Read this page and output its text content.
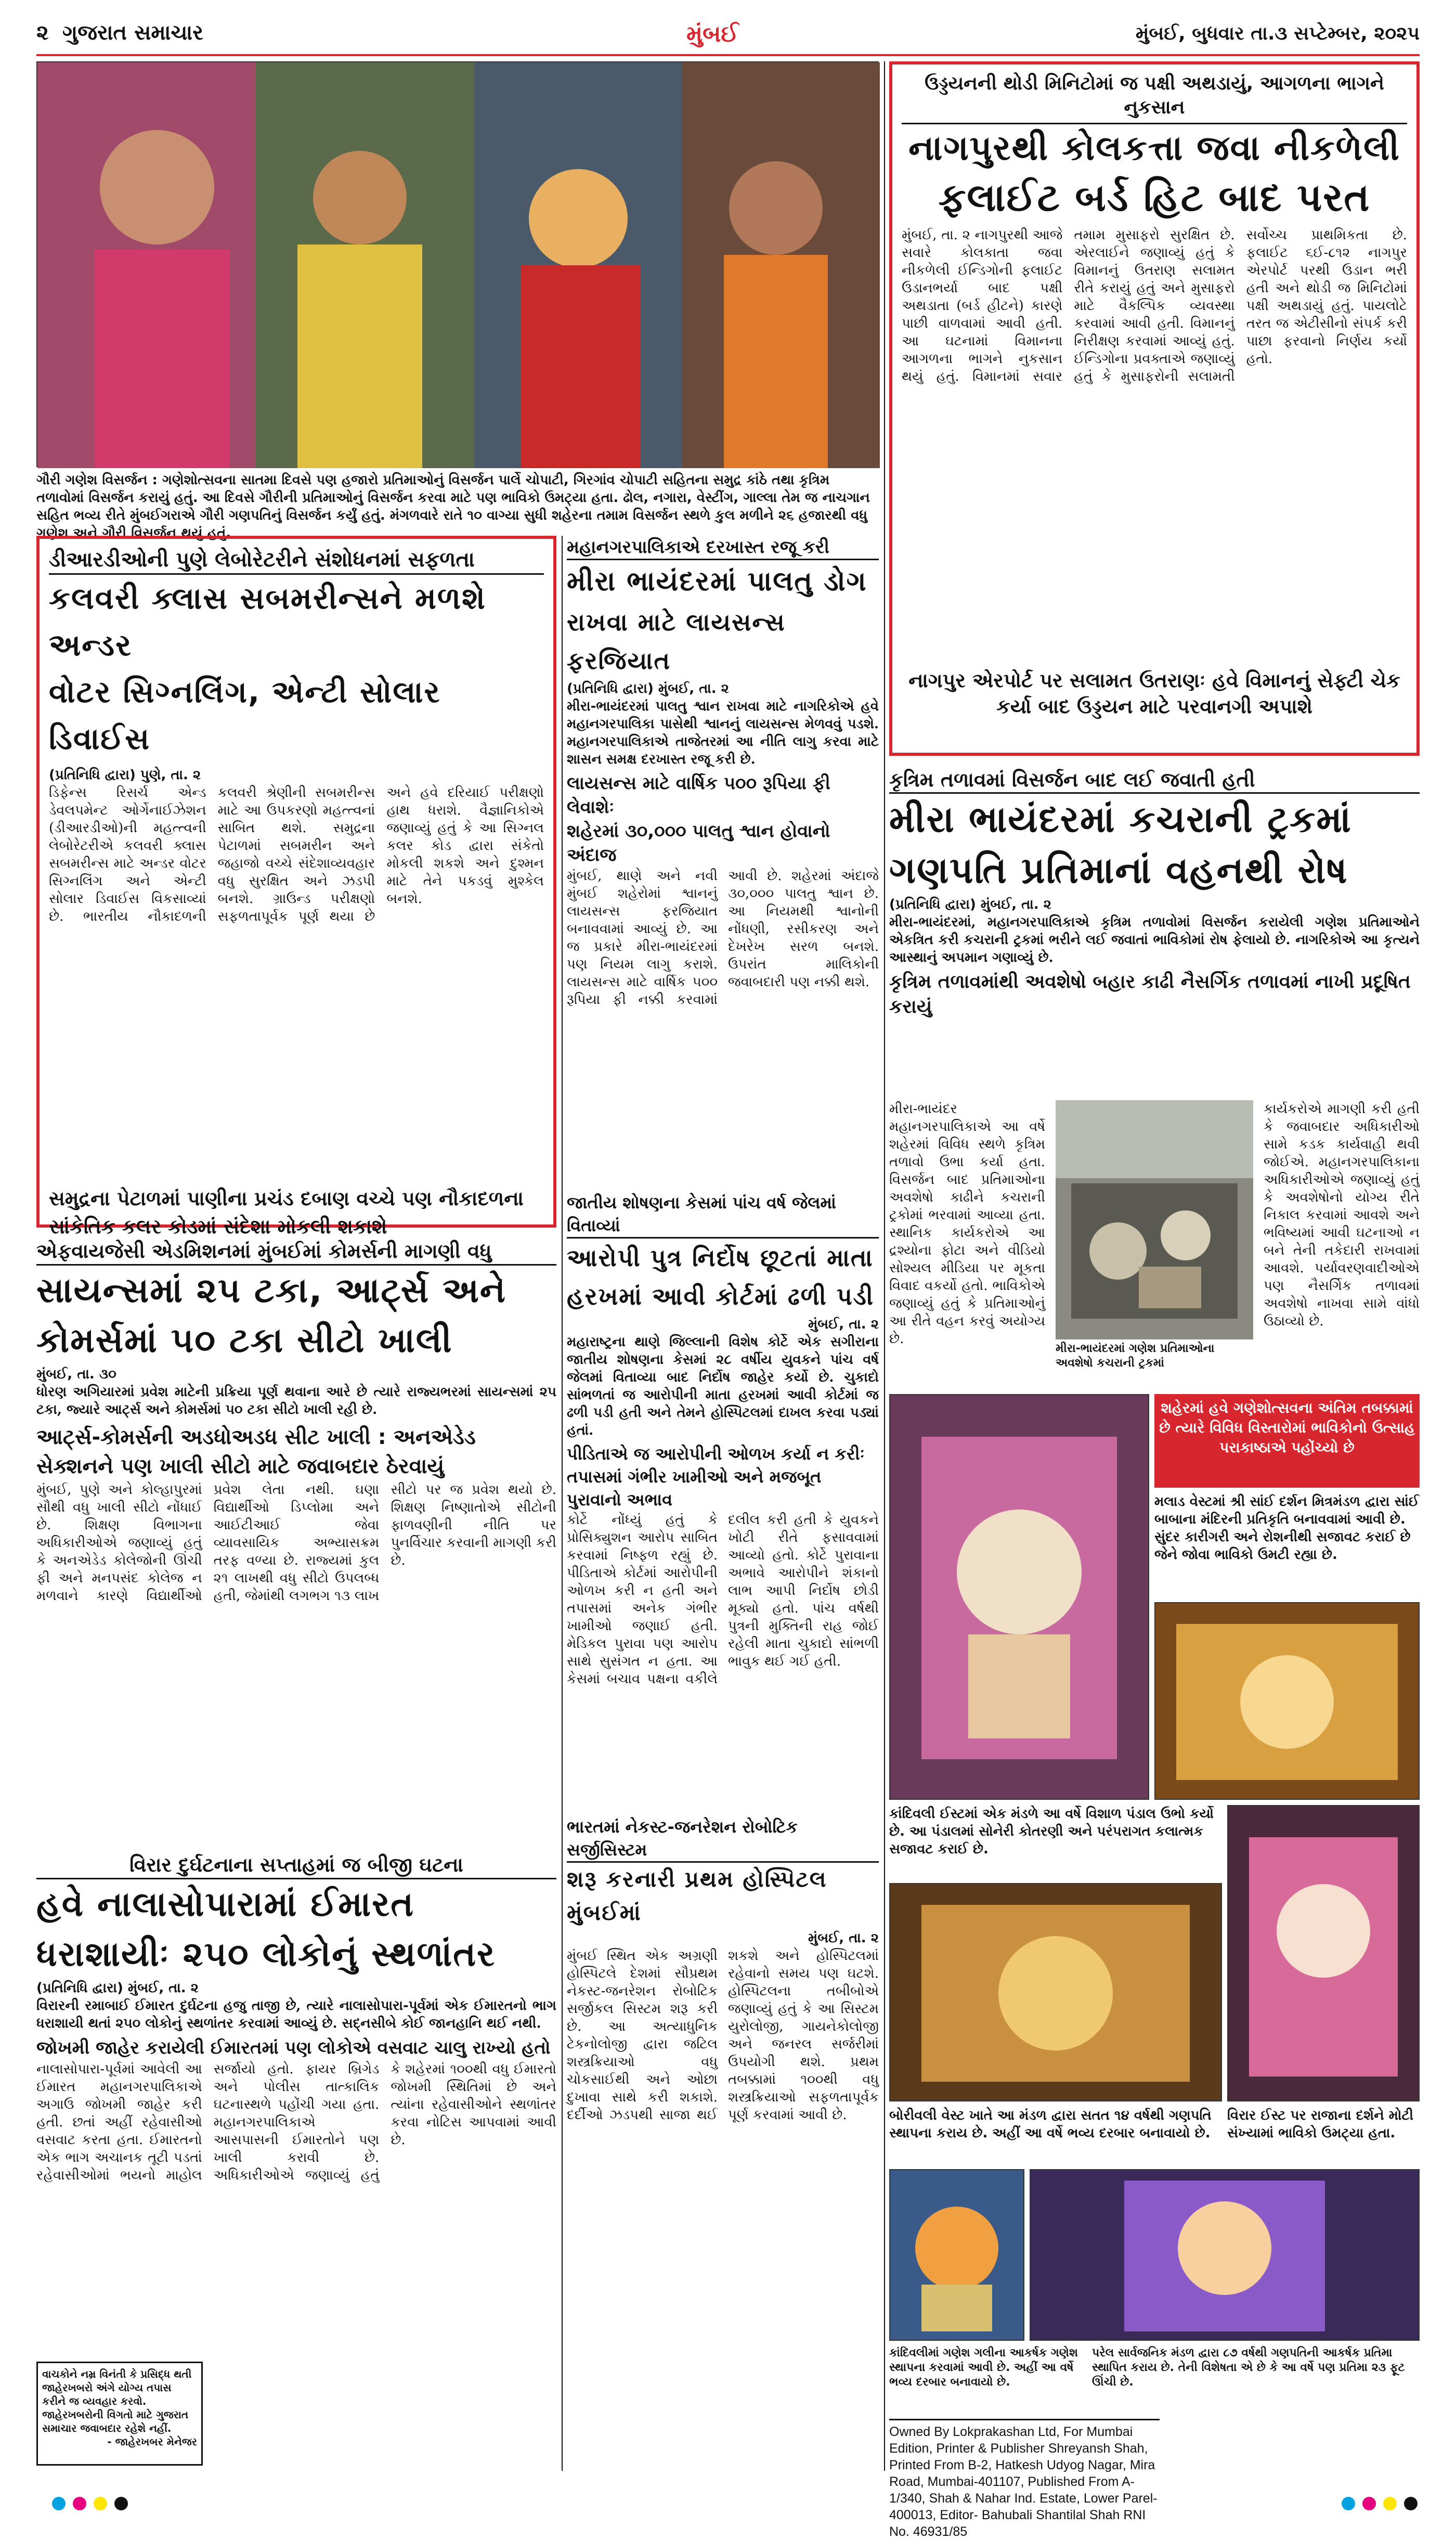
૨ ગુજરાત સમાચાર	મુંબઈ	મુંબઈ, બુધવાર તા.૩ સપ્ટેમ્બર, ૨૦૨૫
ગૌરી ગણેશ વિસર્જન : ગણેશોત્સવના સાતમા દિવસે પણ હજારો પ્રતિમાઓનું વિસર્જન પાર્લે ચોપાટી, ગિરગાંવ ચોપાટી સહિતના સમુદ્ર કાંઠે તથા કૃત્રિમ તળાવોમાં વિસર્જન કરાયું હતું. આ દિવસે ગૌરીની પ્રતિમાઓનું વિસર્જન કરવા માટે પણ ભાવિકો ઉમટ્યા હતા. ઢોલ, નગારા, વેસ્ટીંગ, ગાલ્લા તેમ જ નાચગાન સહિત ભવ્ય રીતે મુંબઈગરાએ ગૌરી ગણપતિનું વિસર્જન કર્યું હતું. મંગળવારે રાતે ૧૦ વાગ્યા સુધી શહેરના તમામ વિસર્જન સ્થળે કુલ મળીને ૨૬ હજારથી વધુ ગણેશ અને ગૌરી વિસર્જન થયું હતું.
ઉડ્ડયનની થોડી મિનિટોમાં જ પક્ષી અથડાયું, આગળના ભાગને નુકસાન
નાગપુરથી કોલકત્તા જવા નીકળેલી
ફલાઈટ બર્ડ હિટ બાદ પરત
મુંબઈ, તા. ૨ નાગપુરથી આજે સવારે કોલકાતા જવા નીકળેલી ઈન્ડિગોની ફલાઈટ ઉડાનભર્યા બાદ પક્ષી અથડાતા (બર્ડ હીટને) કારણે પાછી વાળવામાં આવી હતી. આ ઘટનામાં વિમાનના આગળના ભાગને નુકસાન થયું હતું. વિમાનમાં સવાર તમામ મુસાફરો સુરક્ષિત છે. એરલાઈને જણાવ્યું હતું કે વિમાનનું ઉતરાણ સલામત રીતે કરાયું હતું અને મુસાફરો માટે વૈકલ્પિક વ્યવસ્થા કરવામાં આવી હતી. વિમાનનું નિરીક્ષણ કરવામાં આવ્યું હતું. ઈન્ડિગોના પ્રવક્તાએ જણાવ્યું હતું કે મુસાફરોની સલામતી સર્વોચ્ચ પ્રાથમિકતા છે. ફલાઈટ ૬ઈ-૮૧૨ નાગપુર એરપોર્ટ પરથી ઉડાન ભરી હતી અને થોડી જ મિનિટોમાં પક્ષી અથડાયું હતું. પાયલોટે તરત જ એટીસીનો સંપર્ક કરી પાછા ફરવાનો નિર્ણય કર્યો હતો.
નાગપુર એરપોર્ટ પર સલામત ઉતરાણઃ હવે વિમાનનું સેફ્ટી ચેક કર્યા બાદ ઉડ્ડયન માટે પરવાનગી અપાશે
ડીઆરડીઓની પુણે લેબોરેટરીને સંશોધનમાં સફળતા
કલવરી ક્લાસ સબમરીન્સને મળશે અન્ડર
વોટર સિગ્નલિંગ, એન્ટી સોલાર ડિવાઈસ
(પ્રતિનિધિ દ્વારા) પુણે, તા. ૨
ડિફેન્સ રિસર્ચ એન્ડ ડેવલપમેન્ટ ઓર્ગેનાઈઝેશન (ડીઆરડીઓ)ની મહત્ત્વની લેબોરેટરીએ કલવરી ક્લાસ સબમરીન્સ માટે અન્ડર વોટર સિગ્નલિંગ અને એન્ટી સોલાર ડિવાઈસ વિકસાવ્યાં છે. ભારતીય નૌકાદળની કલવરી શ્રેણીની સબમરીન્સ માટે આ ઉપકરણો મહત્ત્વનાં સાબિત થશે. સમુદ્રના પેટાળમાં સબમરીન અને જહાજો વચ્ચે સંદેશાવ્યવહાર વધુ સુરક્ષિત અને ઝડપી બનશે. ગ્રાઉન્ડ પરીક્ષણો સફળતાપૂર્વક પૂર્ણ થયા છે અને હવે દરિયાઈ પરીક્ષણો હાથ ધરાશે. વૈજ્ઞાનિકોએ જણાવ્યું હતું કે આ સિગ્નલ કલર કોડ દ્વારા સંકેતો મોકલી શકશે અને દુશ્મન માટે તેને પકડવું મુશ્કેલ બનશે.
સમુદ્રના પેટાળમાં પાણીના પ્રચંડ દબાણ વચ્ચે પણ નૌકાદળના સાંકેતિક કલર કોડમાં સંદેશા મોકલી શકાશે
મહાનગરપાલિકાએ દરખાસ્ત રજૂ કરી
મીરા ભાયંદરમાં પાલતુ ડોગ
રાખવા માટે લાયસન્સ ફરજિયાત
(પ્રતિનિધિ દ્વારા) મુંબઈ, તા. ૨
મીરા-ભાયંદરમાં પાલતુ શ્વાન રાખવા માટે નાગરિકોએ હવે મહાનગરપાલિકા પાસેથી શ્વાનનું લાયસન્સ મેળવવું પડશે. મહાનગરપાલિકાએ તાજેતરમાં આ નીતિ લાગુ કરવા માટે શાસન સમક્ષ દરખાસ્ત રજૂ કરી છે.
લાયસન્સ માટે વાર્ષિક ૫૦૦ રૂપિયા ફી લેવાશેઃ
શહેરમાં ૩૦,૦૦૦ પાલતુ શ્વાન હોવાનો અંદાજ
મુંબઈ, થાણે અને નવી મુંબઈ શહેરોમાં શ્વાનનું લાયસન્સ ફરજિયાત બનાવવામાં આવ્યું છે. આ જ પ્રકારે મીરા-ભાયંદરમાં પણ નિયમ લાગુ કરાશે. લાયસન્સ માટે વાર્ષિક ૫૦૦ રૂપિયા ફી નક્કી કરવામાં આવી છે. શહેરમાં અંદાજે ૩૦,૦૦૦ પાલતુ શ્વાન છે. આ નિયમથી શ્વાનોની નોંધણી, રસીકરણ અને દેખરેખ સરળ બનશે. ઉપરાંત માલિકોની જવાબદારી પણ નક્કી થશે.
જાતીય શોષણના કેસમાં પાંચ વર્ષ જેલમાં વિતાવ્યાં
આરોપી પુત્ર નિર્દોષ છૂટતાં માતા
હરખમાં આવી કોર્ટમાં ઢળી પડી
મુંબઈ, તા. ૨
મહારાષ્ટ્રના થાણે જિલ્લાની વિશેષ કોર્ટે એક સગીરાના જાતીય શોષણના કેસમાં ૨૮ વર્ષીય યુવકને પાંચ વર્ષ જેલમાં વિતાવ્યા બાદ નિર્દોષ જાહેર કર્યો છે. ચુકાદો સાંભળતાં જ આરોપીની માતા હરખમાં આવી કોર્ટમાં જ ઢળી પડી હતી અને તેમને હોસ્પિટલમાં દાખલ કરવા પડ્યાં હતાં.
પીડિતાએ જ આરોપીની ઓળખ કર્યા ન કરીઃ તપાસમાં ગંભીર ખામીઓ અને મજબૂત પુરાવાનો અભાવ
કોર્ટે નોંધ્યું હતું કે પ્રોસિક્યુશન આરોપ સાબિત કરવામાં નિષ્ફળ રહ્યું છે. પીડિતાએ કોર્ટમાં આરોપીની ઓળખ કરી ન હતી અને તપાસમાં અનેક ગંભીર ખામીઓ જણાઈ હતી. મેડિકલ પુરાવા પણ આરોપ સાથે સુસંગત ન હતા. આ કેસમાં બચાવ પક્ષના વકીલે દલીલ કરી હતી કે યુવકને ખોટી રીતે ફસાવવામાં આવ્યો હતો. કોર્ટે પુરાવાના અભાવે આરોપીને શંકાનો લાભ આપી નિર્દોષ છોડી મૂક્યો હતો. પાંચ વર્ષથી પુત્રની મુક્તિની રાહ જોઈ રહેલી માતા ચુકાદો સાંભળી ભાવુક થઈ ગઈ હતી.
ભારતમાં નેકસ્ટ-જનરેશન રોબોટિક સર્જીસિસ્ટમ
શરૂ કરનારી પ્રથમ હોસ્પિટલ મુંબઈમાં
મુંબઈ, તા. ૨
મુંબઈ સ્થિત એક અગ્રણી હોસ્પિટલે દેશમાં સૌપ્રથમ નેકસ્ટ-જનરેશન રોબોટિક સર્જીકલ સિસ્ટમ શરૂ કરી છે. આ અત્યાધુનિક ટેકનોલોજી દ્વારા જટિલ શસ્ત્રક્રિયાઓ વધુ ચોકસાઈથી અને ઓછા દુખાવા સાથે કરી શકાશે. દર્દીઓ ઝડપથી સાજા થઈ શકશે અને હોસ્પિટલમાં રહેવાનો સમય પણ ઘટશે. હોસ્પિટલના તબીબોએ જણાવ્યું હતું કે આ સિસ્ટમ યુરોલોજી, ગાયનેકોલોજી અને જનરલ સર્જરીમાં ઉપયોગી થશે. પ્રથમ તબક્કામાં ૧૦૦થી વધુ શસ્ત્રક્રિયાઓ સફળતાપૂર્વક પૂર્ણ કરવામાં આવી છે.
કૃત્રિમ તળાવમાં વિસર્જન બાદ લઈ જવાતી હતી
મીરા ભાયંદરમાં કચરાની ટ્રકમાં
ગણપતિ પ્રતિમાનાં વહનથી રોષ
(પ્રતિનિધિ દ્વારા) મુંબઈ, તા. ૨
મીરા-ભાયંદરમાં, મહાનગરપાલિકાએ કૃત્રિમ તળાવોમાં વિસર્જન કરાયેલી ગણેશ પ્રતિમાઓને એકત્રિત કરી કચરાની ટ્રકમાં ભરીને લઈ જવાતાં ભાવિકોમાં રોષ ફેલાયો છે. નાગરિકોએ આ કૃત્યને આસ્થાનું અપમાન ગણાવ્યું છે.
કૃત્રિમ તળાવમાંથી અવશેષો બહાર કાઢી નૈસર્ગિક તળાવમાં નાખી પ્રદૂષિત કરાયું
મીરા-ભાયંદર મહાનગરપાલિકાએ આ વર્ષે શહેરમાં વિવિધ સ્થળે કૃત્રિમ તળાવો ઉભા કર્યા હતા. વિસર્જન બાદ પ્રતિમાઓના અવશેષો કાઢીને કચરાની ટ્રકોમાં ભરવામાં આવ્યા હતા. સ્થાનિક કાર્યકરોએ આ દ્રશ્યોના ફોટા અને વીડિયો સોશ્યલ મીડિયા પર મૂકતા વિવાદ વકર્યો હતો. ભાવિકોએ જણાવ્યું હતું કે પ્રતિમાઓનું આ રીતે વહન કરવું અયોગ્ય છે.
મીરા-ભાયંદરમાં ગણેશ પ્રતિમાઓના અવશેષો કચરાની ટ્રકમાં
કાર્યકરોએ માગણી કરી હતી કે જવાબદાર અધિકારીઓ સામે કડક કાર્યવાહી થવી જોઈએ. મહાનગરપાલિકાના અધિકારીઓએ જણાવ્યું હતું કે અવશેષોનો યોગ્ય રીતે નિકાલ કરવામાં આવશે અને ભવિષ્યમાં આવી ઘટનાઓ ન બને તેની તકેદારી રાખવામાં આવશે. પર્યાવરણવાદીઓએ પણ નૈસર્ગિક તળાવમાં અવશેષો નાખવા સામે વાંધો ઉઠાવ્યો છે.
એફવાયજેસી એડમિશનમાં મુંબઈમાં કોમર્સની માગણી વધુ
સાયન્સમાં ૨૫ ટકા, આર્ટ્સ અને
કોમર્સમાં ૫૦ ટકા સીટો ખાલી
મુંબઈ, તા. ૩૦
ધોરણ અગિયારમાં પ્રવેશ માટેની પ્રક્રિયા પૂર્ણ થવાના આરે છે ત્યારે રાજ્યભરમાં સાયન્સમાં ૨૫ ટકા, જ્યારે આર્ટ્સ અને કોમર્સમાં ૫૦ ટકા સીટો ખાલી રહી છે.
આર્ટ્સ-કોમર્સની અડધોઅડધ સીટ ખાલી : અનએડેડ સેક્શનને પણ ખાલી સીટો માટે જવાબદાર ઠેરવાયું
મુંબઈ, પુણે અને કોલ્હાપુરમાં સૌથી વધુ ખાલી સીટો નોંધાઈ છે. શિક્ષણ વિભાગના અધિકારીઓએ જણાવ્યું હતું કે અનએડેડ કોલેજોની ઊંચી ફી અને મનપસંદ કોલેજ ન મળવાને કારણે વિદ્યાર્થીઓ પ્રવેશ લેતા નથી. ઘણા વિદ્યાર્થીઓ ડિપ્લોમા અને આઈટીઆઈ જેવા વ્યાવસાયિક અભ્યાસક્રમ તરફ વળ્યા છે. રાજ્યમાં કુલ ૨૧ લાખથી વધુ સીટો ઉપલબ્ધ હતી, જેમાંથી લગભગ ૧૩ લાખ સીટો પર જ પ્રવેશ થયો છે. શિક્ષણ નિષ્ણાતોએ સીટોની ફાળવણીની નીતિ પર પુનર્વિચાર કરવાની માગણી કરી છે.
વિરાર દુર્ઘટનાના સપ્તાહમાં જ બીજી ઘટના
હવે નાલાસોપારામાં ઈમારત
ધરાશાયીઃ ૨૫૦ લોકોનું સ્થળાંતર
(પ્રતિનિધિ દ્વારા) મુંબઈ, તા. ૨
વિરારની રમાબાઈ ઈમારત દુર્ઘટના હજુ તાજી છે, ત્યારે નાલાસોપારા-પૂર્વમાં એક ઈમારતનો ભાગ ધરાશાયી થતાં ૨૫૦ લોકોનું સ્થળાંતર કરવામાં આવ્યું છે. સદ્નસીબે કોઈ જાનહાનિ થઈ નથી.
જોખમી જાહેર કરાયેલી ઈમારતમાં પણ લોકોએ વસવાટ ચાલુ રાખ્યો હતો
નાલાસોપારા-પૂર્વમાં આવેલી આ ઈમારત મહાનગરપાલિકાએ અગાઉ જોખમી જાહેર કરી હતી. છતાં અહીં રહેવાસીઓ વસવાટ કરતા હતા. ઈમારતનો એક ભાગ અચાનક તૂટી પડતાં રહેવાસીઓમાં ભયનો માહોલ સર્જાયો હતો. ફાયર બ્રિગેડ અને પોલીસ તાત્કાલિક ઘટનાસ્થળે પહોંચી ગયા હતા. મહાનગરપાલિકાએ આસપાસની ઈમારતોને પણ ખાલી કરાવી છે. અધિકારીઓએ જણાવ્યું હતું કે શહેરમાં ૧૦૦થી વધુ ઈમારતો જોખમી સ્થિતિમાં છે અને ત્યાંના રહેવાસીઓને સ્થળાંતર કરવા નોટિસ આપવામાં આવી છે.
વાચકોને નમ્ર વિનંતી કે પ્રસિદ્ધ થતી જાહેરખબરો અંગે યોગ્ય તપાસ કરીને જ વ્યવહાર કરવો. જાહેરખબરોની વિગતો માટે ગુજરાત સમાચાર જવાબદાર રહેશે નહીં.
- જાહેરખબર મેનેજર
શહેરમાં હવે ગણેશોત્સવના અંતિમ તબક્કામાં છે ત્યારે વિવિધ વિસ્તારોમાં ભાવિકોનો ઉત્સાહ પરાકાષ્ઠાએ પહોંચ્યો છે
મલાડ વેસ્ટમાં શ્રી સાંઈ દર્શન મિત્રમંડળ દ્વારા સાંઈ બાબાના મંદિરની પ્રતિકૃતિ બનાવવામાં આવી છે. સુંદર કારીગરી અને રોશનીથી સજાવટ કરાઈ છે જેને જોવા ભાવિકો ઉમટી રહ્યા છે.
કાંદિવલી ઈસ્ટમાં એક મંડળે આ વર્ષે વિશાળ પંડાલ ઉભો કર્યો છે. આ પંડાલમાં સોનેરી કોતરણી અને પરંપરાગત કલાત્મક સજાવટ કરાઈ છે.
બોરીવલી વેસ્ટ ખાતે આ મંડળ દ્વારા સતત ૧૪ વર્ષથી ગણપતિ સ્થાપના કરાય છે. અહીં આ વર્ષે ભવ્ય દરબાર બનાવાયો છે.
વિરાર ઈસ્ટ પર રાજાના દર્શને મોટી સંખ્યામાં ભાવિકો ઉમટ્યા હતા.
કાંદિવલીમાં ગણેશ ગલીના આકર્ષક ગણેશ સ્થાપના કરવામાં આવી છે. અહીં આ વર્ષે ભવ્ય દરબાર બનાવાયો છે.
પરેલ સાર્વજનિક મંડળ દ્વારા ૮૭ વર્ષથી ગણપતિની આકર્ષક પ્રતિમા સ્થાપિત કરાય છે. તેની વિશેષતા એ છે કે આ વર્ષે પણ પ્રતિમા ૨૩ ફૂટ ઊંચી છે.
Owned By Lokprakashan Ltd, For Mumbai Edition, Printer & Publisher Shreyansh Shah, Printed From B-2, Hatkesh Udyog Nagar, Mira Road, Mumbai-401107, Published From A-1/340, Shah & Nahar Ind. Estate, Lower Parel-400013, Editor- Bahubali Shantilal Shah RNI No. 46931/85
